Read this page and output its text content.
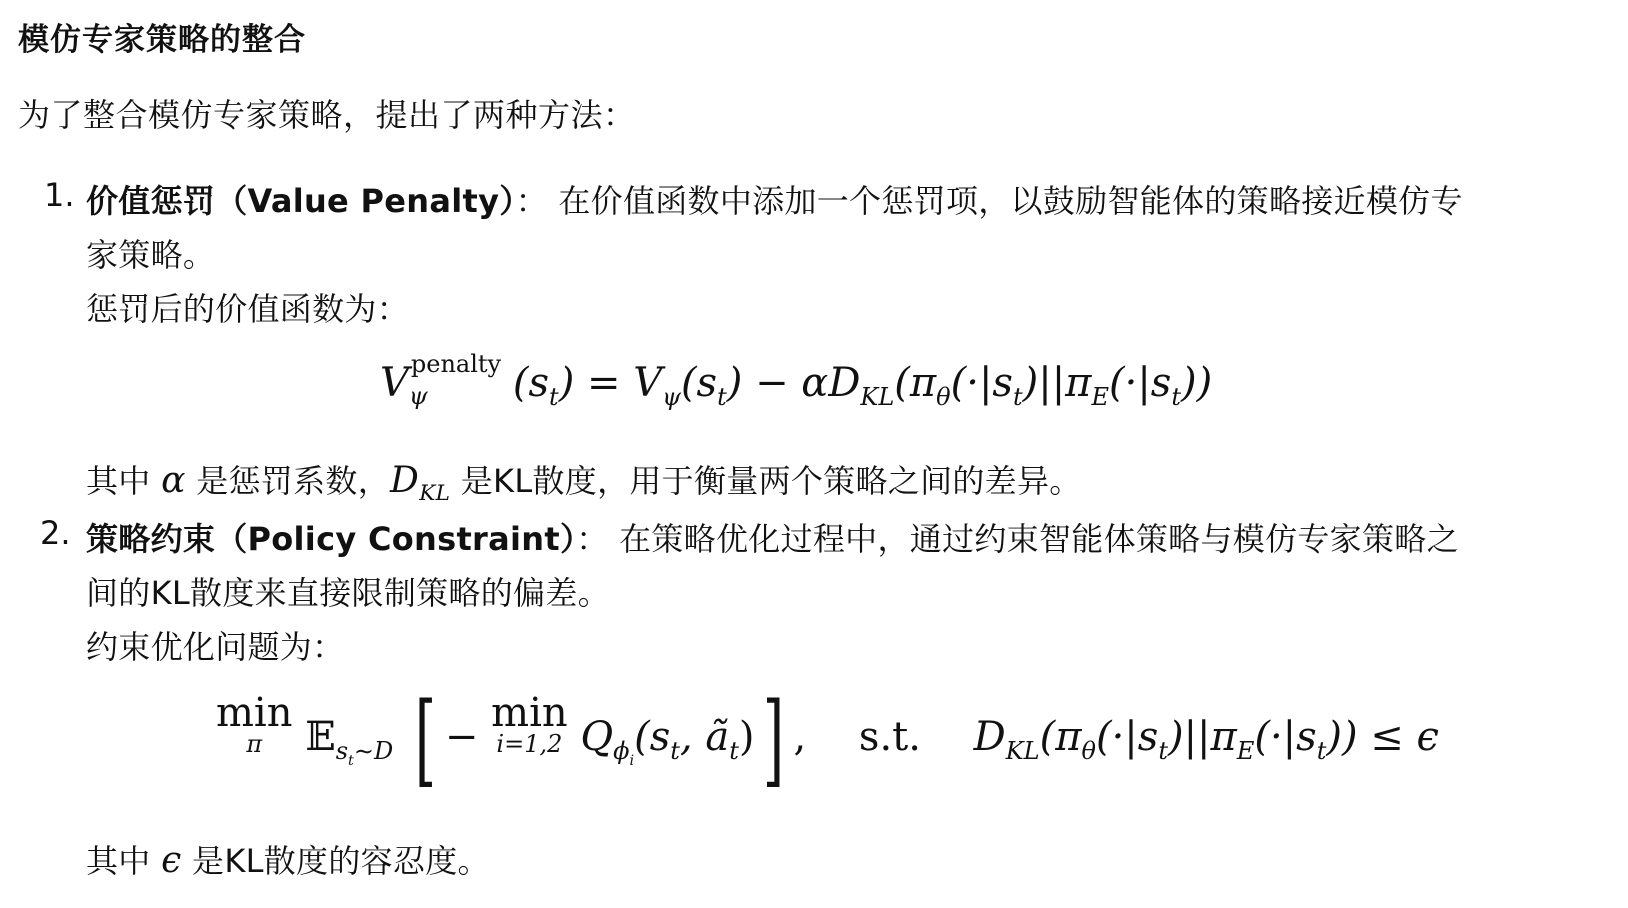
模仿专家策略的整合
为了整合模仿专家策略，提出了两种方法：
1. 价值惩罚（Value Penalty）： 在价值函数中添加一个惩罚项，以鼓励智能体的策略接近模仿专
家策略。
惩罚后的价值函数为：
V penalty
ψ $(s_t) = V_\psi(s_t) - \alpha D_{KL}(\pi_\theta(\cdot|s_t)||\pi_E(\cdot|s_t))$
其中 α 是惩罚系数，$D_{KL}$ 是KL散度，用于衡量两个策略之间的差异。
2. 策略约束（Policy Constraint）： 在策略优化过程中，通过约束智能体策略与模仿专家策略之
间的KL散度来直接限制策略的偏差。
约束优化问题为：
min
π	𝔼$_{s_t\sim D}$ [ − min
i=1,2 $Q_{\phi_i}(s_t$, $ã_t$)] , s.t. $D_{KL}(\pi_\theta(\cdot|s_t)||\pi_E(\cdot|s_t)) \le \epsilon$
其中 ϵ 是KL散度的容忍度。
